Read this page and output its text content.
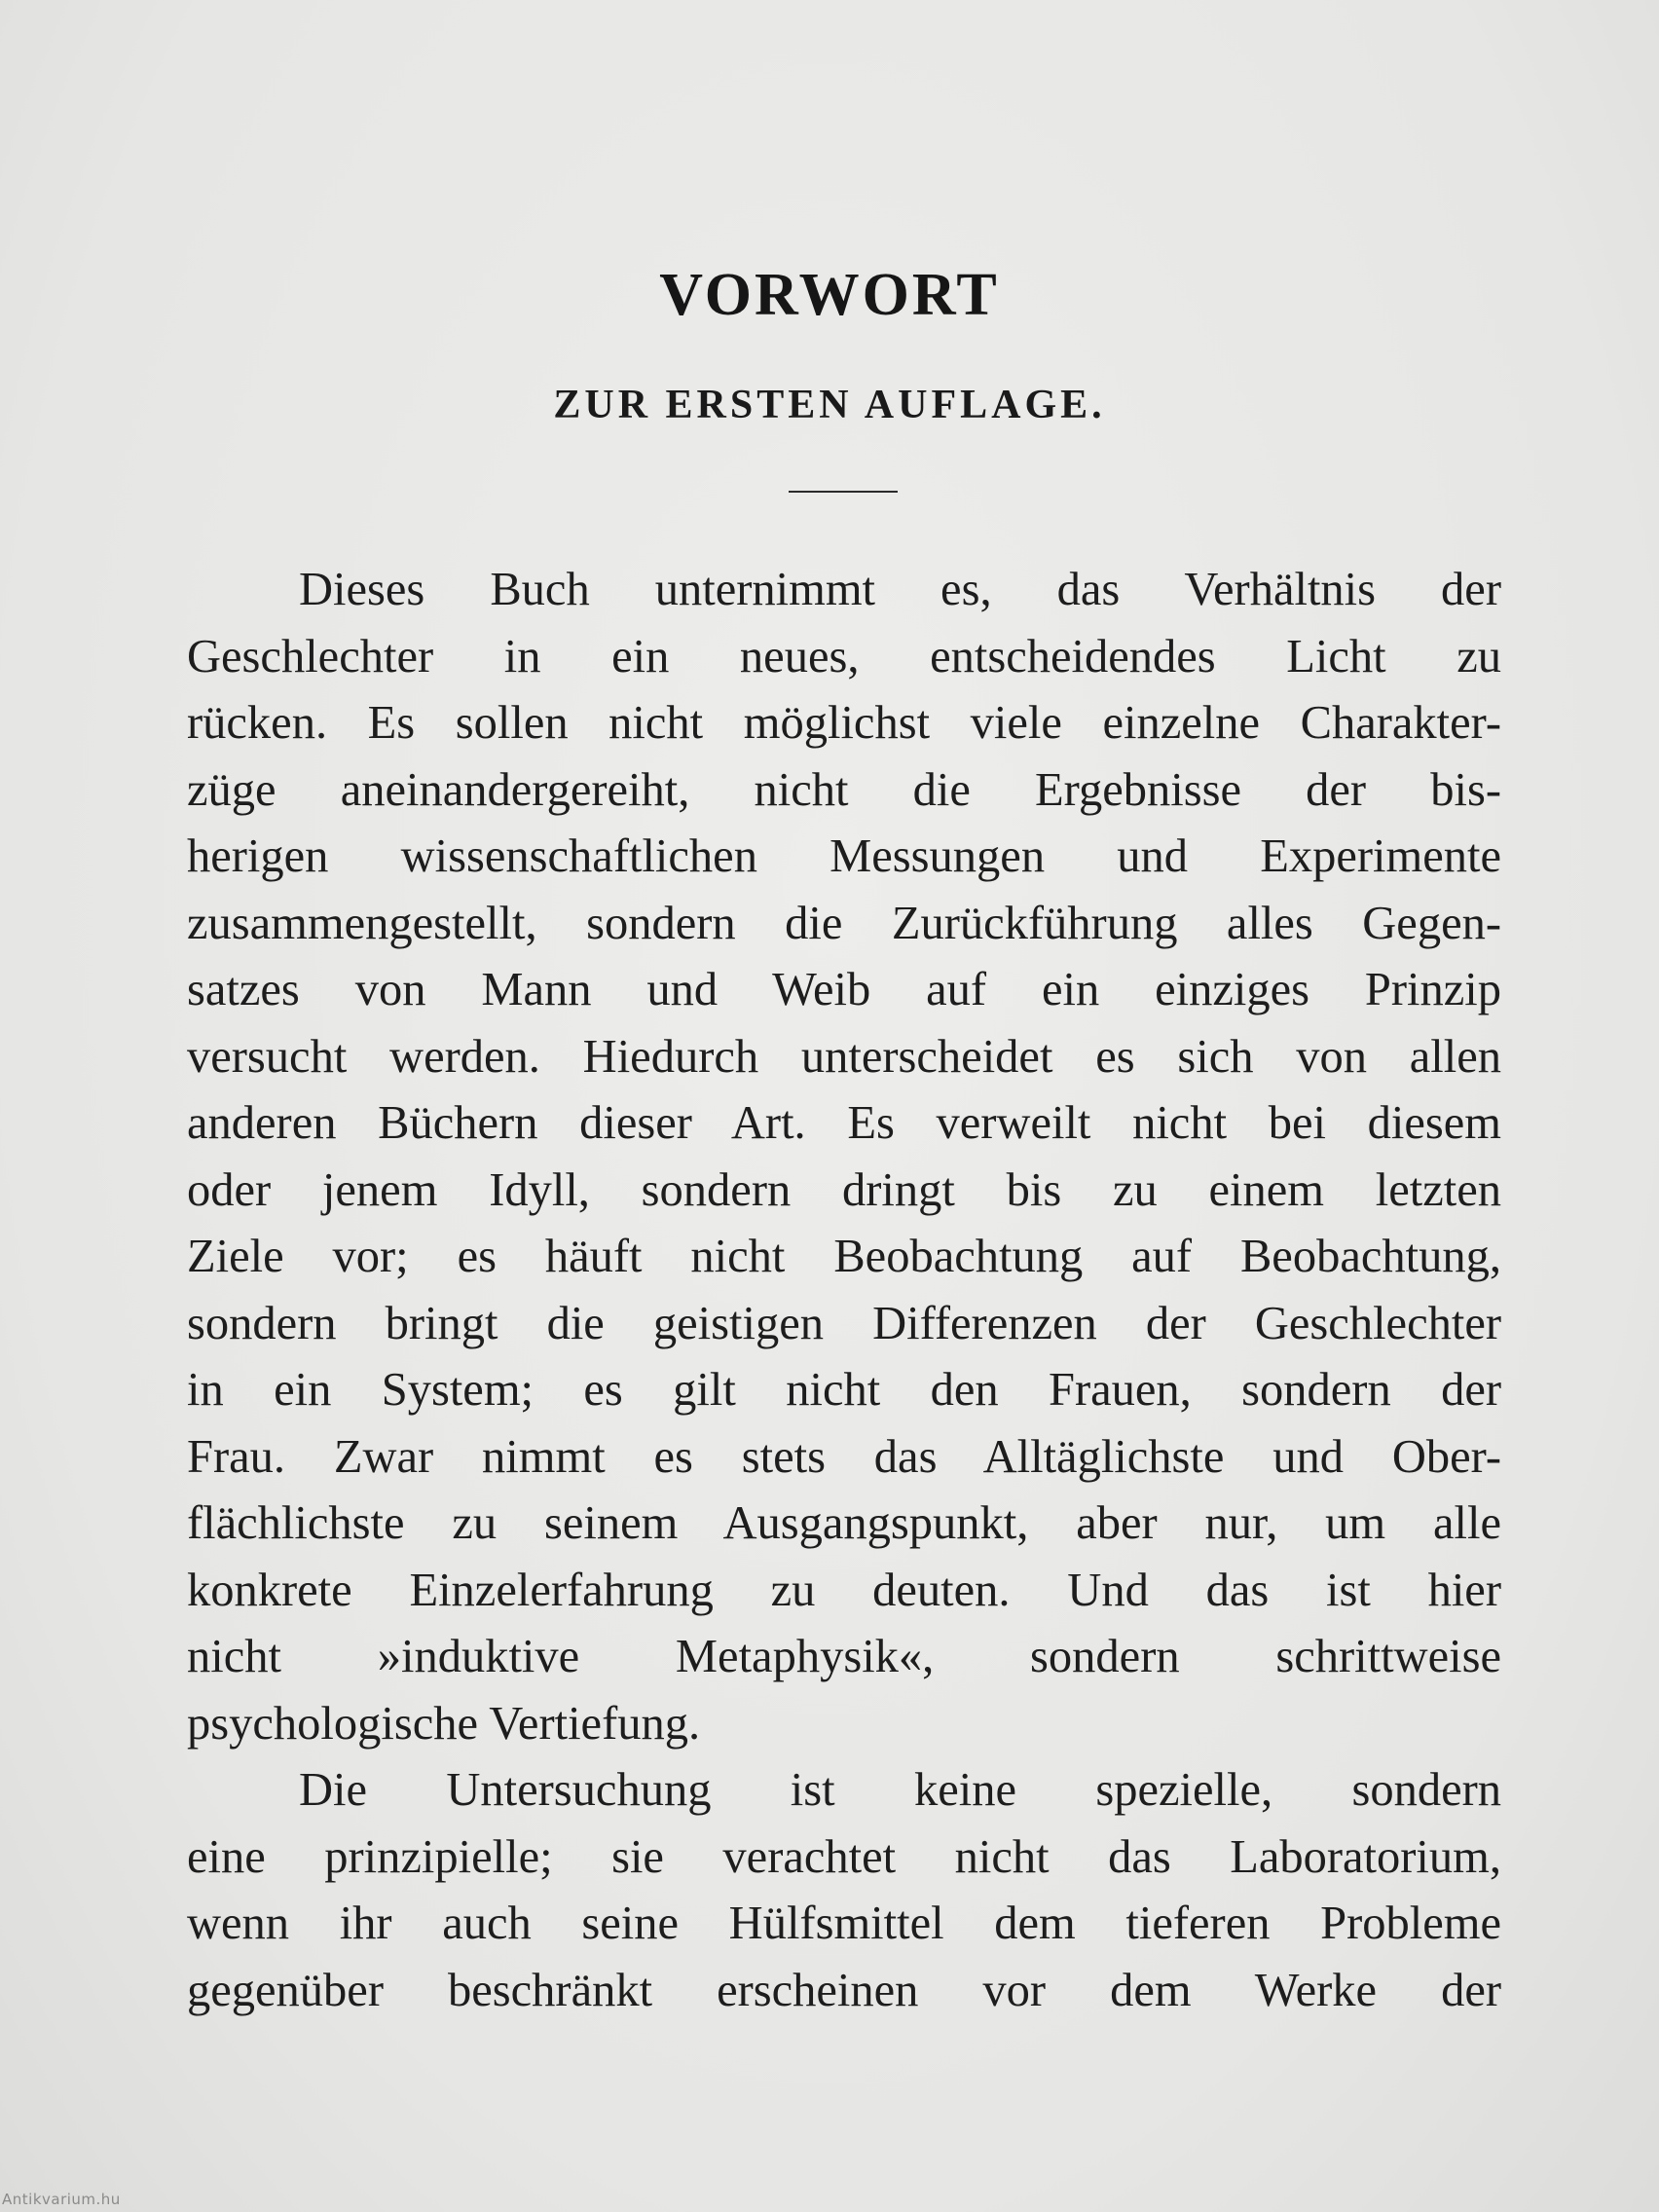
VORWORT
ZUR ERSTEN AUFLAGE.
Dieses Buch unternimmt es, das Verhältnis der
Geschlechter in ein neues, entscheidendes Licht zu
rücken. Es sollen nicht möglichst viele einzelne Charakter-
züge aneinandergereiht, nicht die Ergebnisse der bis-
herigen wissenschaftlichen Messungen und Experimente
zusammengestellt, sondern die Zurückführung alles Gegen-
satzes von Mann und Weib auf ein einziges Prinzip
versucht werden. Hiedurch unterscheidet es sich von allen
anderen Büchern dieser Art. Es verweilt nicht bei diesem
oder jenem Idyll, sondern dringt bis zu einem letzten
Ziele vor; es häuft nicht Beobachtung auf Beobachtung,
sondern bringt die geistigen Differenzen der Geschlechter
in ein System; es gilt nicht den Frauen, sondern der
Frau. Zwar nimmt es stets das Alltäglichste und Ober-
flächlichste zu seinem Ausgangspunkt, aber nur, um alle
konkrete Einzelerfahrung zu deuten. Und das ist hier
nicht »induktive Metaphysik«, sondern schrittweise
psychologische Vertiefung.
Die Untersuchung ist keine spezielle, sondern
eine prinzipielle; sie verachtet nicht das Laboratorium,
wenn ihr auch seine Hülfsmittel dem tieferen Probleme
gegenüber beschränkt erscheinen vor dem Werke der
Antikvarium.hu
